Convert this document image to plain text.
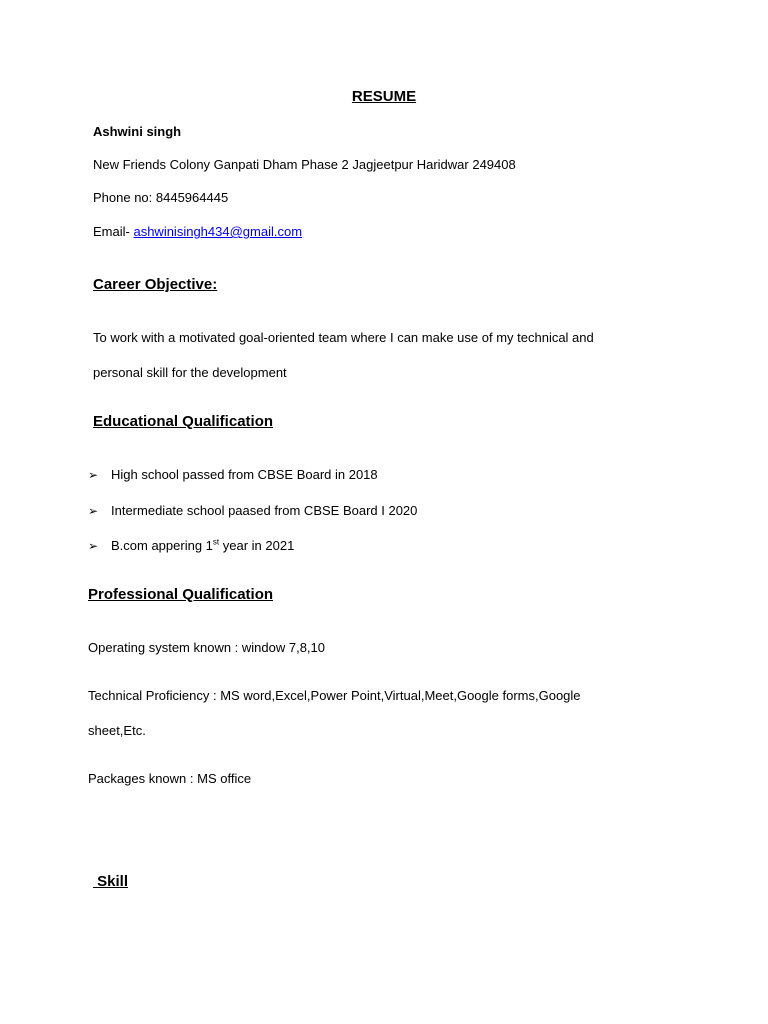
RESUME
Ashwini singh
New Friends Colony Ganpati Dham Phase 2 Jagjeetpur Haridwar 249408
Phone no: 8445964445
Email- ashwinisingh434@gmail.com
Career Objective:
To work with a motivated goal-oriented team where I can make use of my technical and
personal skill for the development
Educational Qualification
➢ High school passed from CBSE Board in 2018
➢ Intermediate school paased from CBSE Board I 2020
➢ B.com appering 1st year in 2021
Professional Qualification
Operating system known : window 7,8,10
Technical Proficiency : MS word,Excel,Power Point,Virtual,Meet,Google forms,Google
sheet,Etc.
Packages known : MS office
Skill
